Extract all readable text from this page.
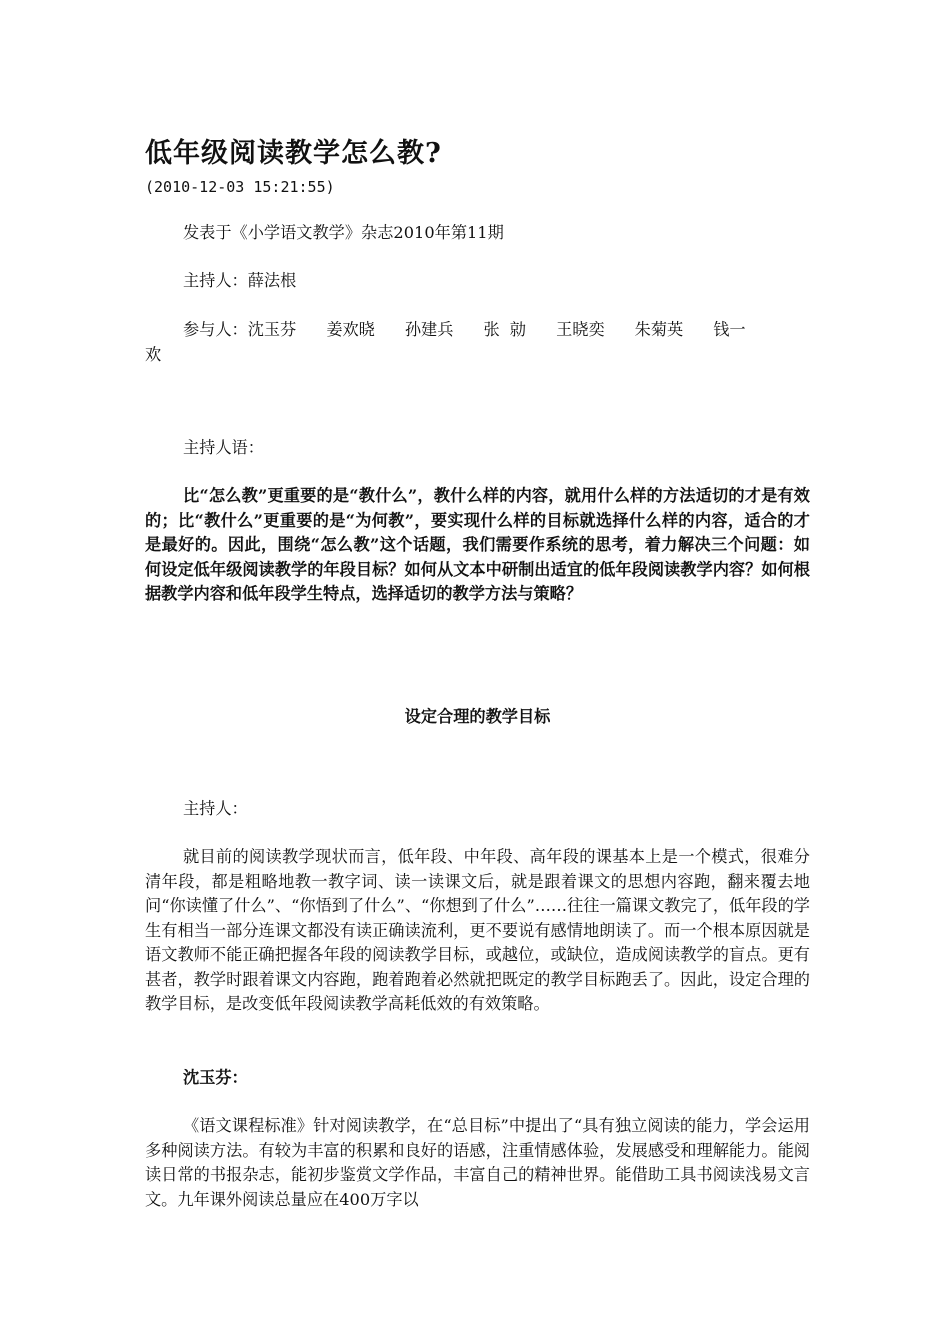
低年级阅读教学怎么教?
(2010-12-03 15:21:55)

发表于《小学语文教学》杂志2010年第11期

主持人：薛法根

参与人： 沈玉芬 姜欢晓 孙建兵 张  勍 王晓奕 朱菊英 钱一
欢

主持人语：

比“怎么教”更重要的是“教什么”，教什么样的内容，就用什么样的方法适切的才是有效的；比“教什么”更重要的是“为何教”，要实现什么样的目标就选择什么样的内容，适合的才是最好的。因此，围绕“怎么教”这个话题，我们需要作系统的思考，着力解决三个问题：如何设定低年级阅读教学的年段目标？如何从文本中研制出适宜的低年段阅读教学内容？如何根据教学内容和低年段学生特点，选择适切的教学方法与策略？

设定合理的教学目标

主持人：

就目前的阅读教学现状而言，低年段、中年段、高年段的课基本上是一个模式，很难分清年段，都是粗略地教一教字词、读一读课文后，就是跟着课文的思想内容跑，翻来覆去地问“你读懂了什么”、“你悟到了什么”、“你想到了什么”……往往一篇课文教完了，低年段的学生有相当一部分连课文都没有读正确读流利，更不要说有感情地朗读了。而一个根本原因就是语文教师不能正确把握各年段的阅读教学目标，或越位，或缺位，造成阅读教学的盲点。更有甚者，教学时跟着课文内容跑，跑着跑着必然就把既定的教学目标跑丢了。因此，设定合理的教学目标，是改变低年段阅读教学高耗低效的有效策略。

沈玉芬：

《语文课程标准》针对阅读教学，在“总目标”中提出了“具有独立阅读的能力，学会运用多种阅读方法。有较为丰富的积累和良好的语感，注重情感体验，发展感受和理解能力。能阅读日常的书报杂志，能初步鉴赏文学作品，丰富自己的精神世界。能借助工具书阅读浅易文言文。九年课外阅读总量应在400万字以
